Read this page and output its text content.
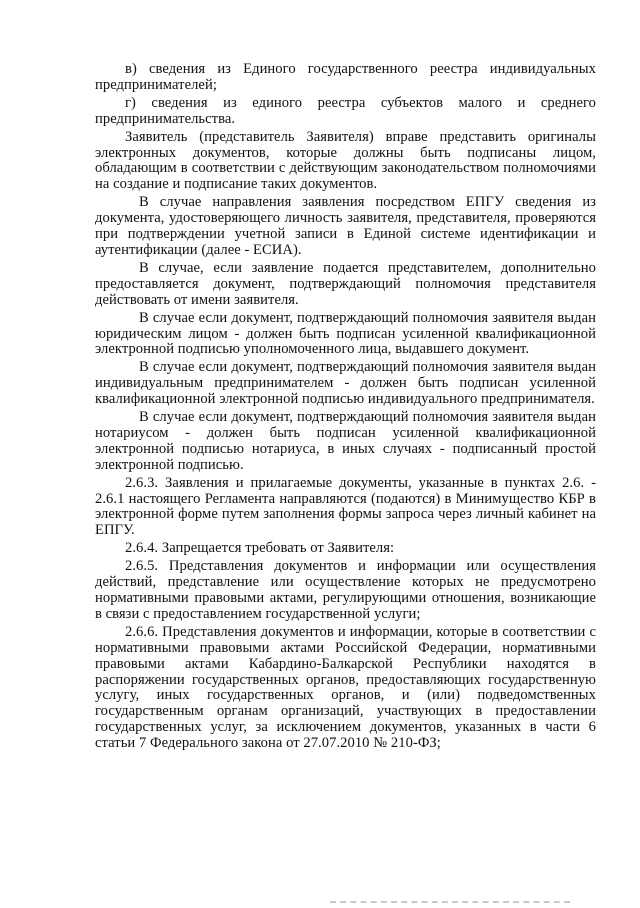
в) сведения из Единого государственного реестра индивидуальных предпринимателей;

г) сведения из единого реестра субъектов малого и среднего предпринимательства.

Заявитель (представитель Заявителя) вправе представить оригиналы электронных документов, которые должны быть подписаны лицом, обладающим в соответствии с действующим законодательством полномочиями на создание и подписание таких документов.

В случае направления заявления посредством ЕПГУ сведения из документа, удостоверяющего личность заявителя, представителя, проверяются при подтверждении учетной записи в Единой системе идентификации и аутентификации (далее - ЕСИА).

В случае, если заявление подается представителем, дополнительно предоставляется документ, подтверждающий полномочия представителя действовать от имени заявителя.

В случае если документ, подтверждающий полномочия заявителя выдан юридическим лицом - должен быть подписан усиленной квалификационной электронной подписью уполномоченного лица, выдавшего документ.

В случае если документ, подтверждающий полномочия заявителя выдан индивидуальным предпринимателем - должен быть подписан усиленной квалификационной электронной подписью индивидуального предпринимателя.

В случае если документ, подтверждающий полномочия заявителя выдан нотариусом - должен быть подписан усиленной квалификационной электронной подписью нотариуса, в иных случаях - подписанный простой электронной подписью.

2.6.3. Заявления и прилагаемые документы, указанные в пунктах 2.6. - 2.6.1 настоящего Регламента направляются (подаются) в Минимущество КБР в электронной форме путем заполнения формы запроса через личный кабинет на ЕПГУ.

2.6.4. Запрещается требовать от Заявителя:

2.6.5. Представления документов и информации или осуществления действий, представление или осуществление которых не предусмотрено нормативными правовыми актами, регулирующими отношения, возникающие в связи с предоставлением государственной услуги;

2.6.6. Представления документов и информации, которые в соответствии с нормативными правовыми актами Российской Федерации, нормативными правовыми актами Кабардино-Балкарской Республики находятся в распоряжении государственных органов, предоставляющих государственную услугу, иных государственных органов, и (или) подведомственных государственным органам организаций, участвующих в предоставлении государственных услуг, за исключением документов, указанных в части 6 статьи 7 Федерального закона от 27.07.2010 № 210-ФЗ;
